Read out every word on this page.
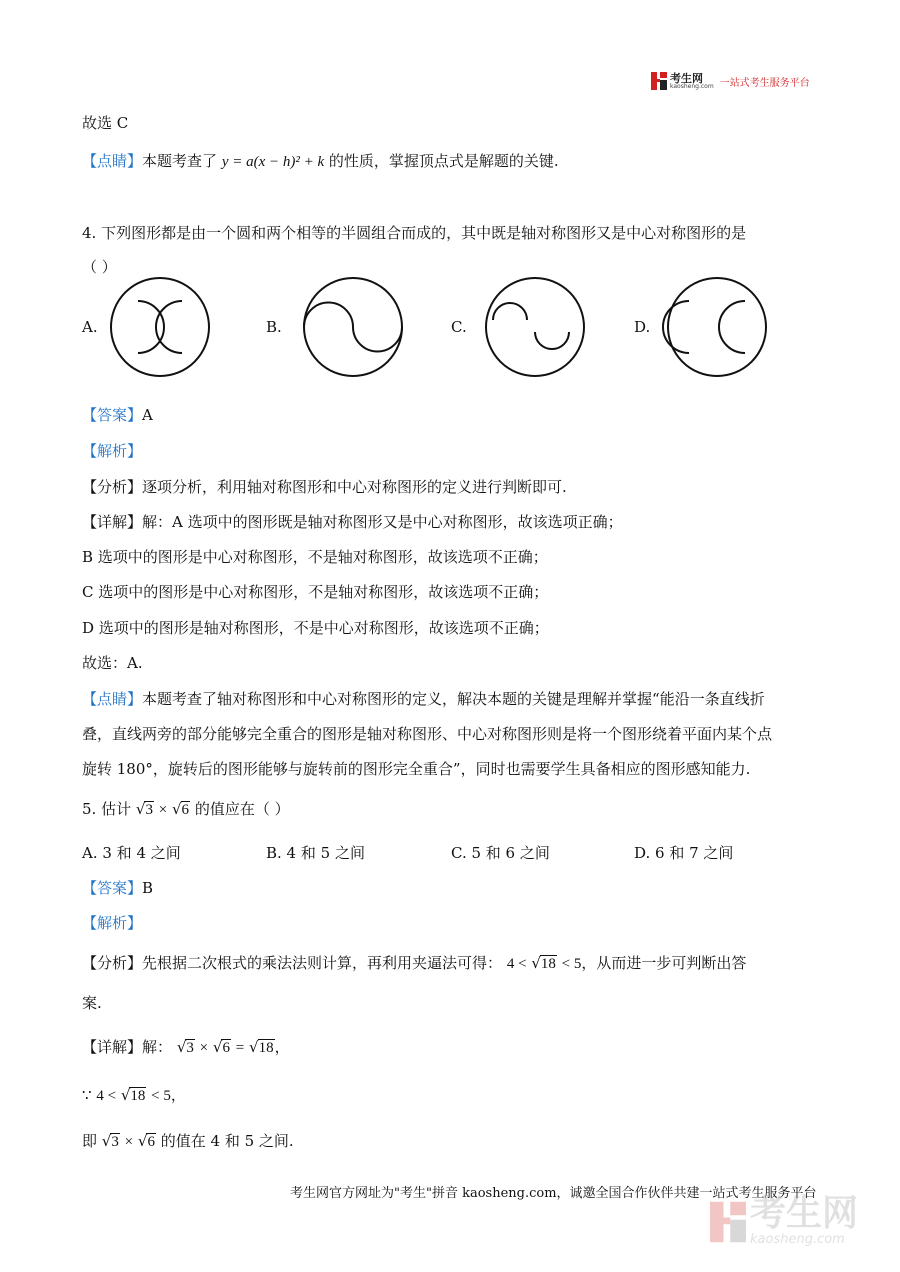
考生网
kaosheng.com 一站式考生服务平台
故选 C
【点睛】本题考查了 y = a(x − h)² + k 的性质，掌握顶点式是解题的关键.
4. 下列图形都是由一个圆和两个相等的半圆组合而成的，其中既是轴对称图形又是中心对称图形的是
（ ）
A.	B.	C.	D.
【答案】A
【解析】
【分析】逐项分析，利用轴对称图形和中心对称图形的定义进行判断即可.
【详解】解：A 选项中的图形既是轴对称图形又是中心对称图形，故该选项正确；
B 选项中的图形是中心对称图形，不是轴对称图形，故该选项不正确；
C 选项中的图形是中心对称图形，不是轴对称图形，故该选项不正确；
D 选项中的图形是轴对称图形，不是中心对称图形，故该选项不正确；
故选：A.
【点睛】本题考查了轴对称图形和中心对称图形的定义，解决本题的关键是理解并掌握“能沿一条直线折
叠，直线两旁的部分能够完全重合的图形是轴对称图形、中心对称图形则是将一个图形绕着平面内某个点
旋转 180°，旋转后的图形能够与旋转前的图形完全重合”，同时也需要学生具备相应的图形感知能力.
5. 估计 √3 × √6 的值应在（ ）
A. 3 和 4 之间	B. 4 和 5 之间	C. 5 和 6 之间	D. 6 和 7 之间
【答案】B
【解析】
【分析】先根据二次根式的乘法法则计算，再利用夹逼法可得： 4 < √18 < 5，从而进一步可判断出答
案.
【详解】解： √3 × √6 = √18，
∵ 4 < √18 < 5，
即 √3 × √6 的值在 4 和 5 之间.
考生网官方网址为"考生"拼音 kaosheng.com，诚邀全国合作伙伴共建一站式考生服务平台
考生网
kaosheng.com
